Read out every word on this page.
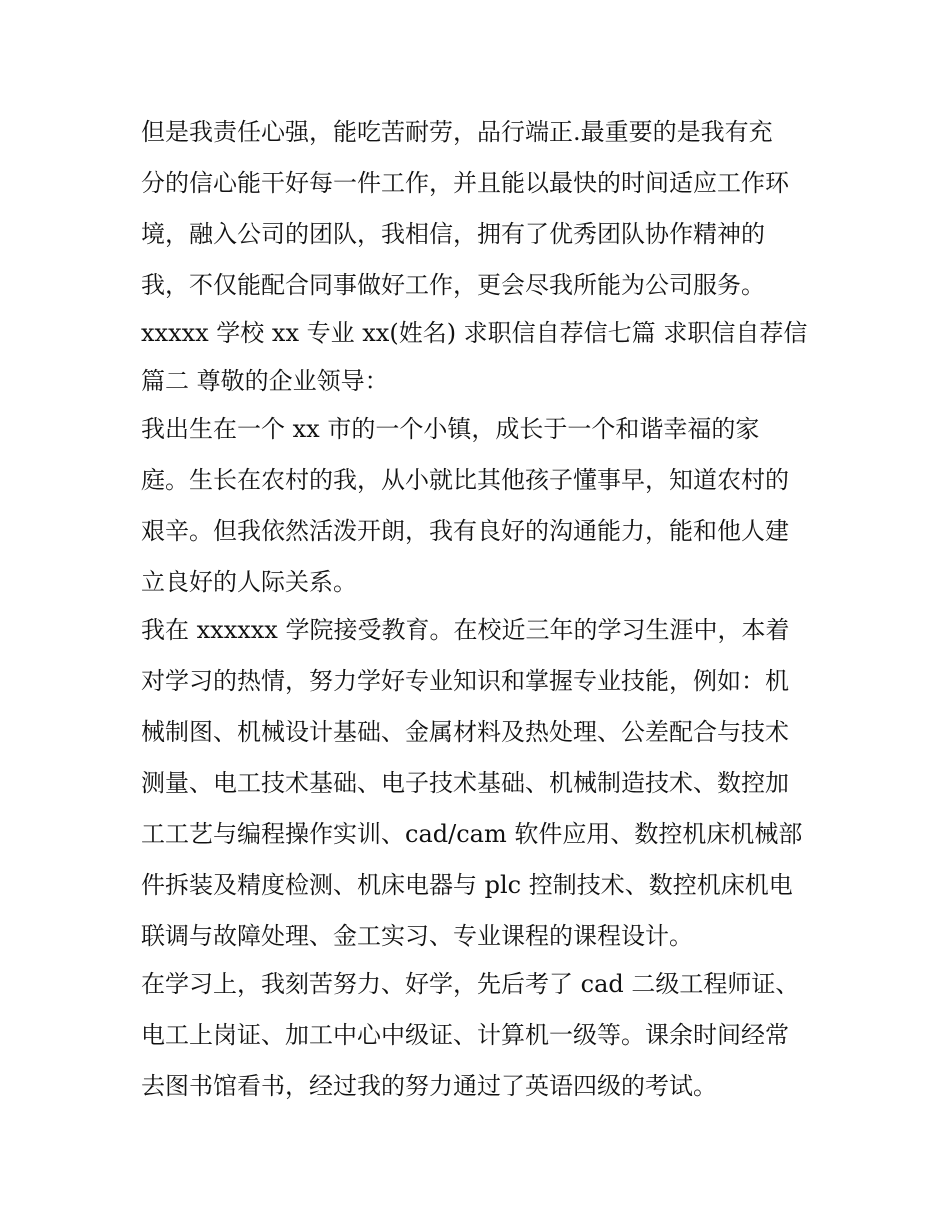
但是我责任心强，能吃苦耐劳，品行端正.最重要的是我有充
分的信心能干好每一件工作，并且能以最快的时间适应工作环
境，融入公司的团队，我相信，拥有了优秀团队协作精神的
我，不仅能配合同事做好工作，更会尽我所能为公司服务。
xxxxx 学校 xx 专业 xx(姓名) 求职信自荐信七篇 求职信自荐信
篇二 尊敬的企业领导：
我出生在一个 xx 市的一个小镇，成长于一个和谐幸福的家
庭。生长在农村的我，从小就比其他孩子懂事早，知道农村的
艰辛。但我依然活泼开朗，我有良好的沟通能力，能和他人建
立良好的人际关系。
我在 xxxxxx 学院接受教育。在校近三年的学习生涯中，本着
对学习的热情，努力学好专业知识和掌握专业技能，例如：机
械制图、机械设计基础、金属材料及热处理、公差配合与技术
测量、电工技术基础、电子技术基础、机械制造技术、数控加
工工艺与编程操作实训、cad/cam 软件应用、数控机床机械部
件拆装及精度检测、机床电器与 plc 控制技术、数控机床机电
联调与故障处理、金工实习、专业课程的课程设计。
在学习上，我刻苦努力、好学，先后考了 cad 二级工程师证、
电工上岗证、加工中心中级证、计算机一级等。课余时间经常
去图书馆看书，经过我的努力通过了英语四级的考试。
